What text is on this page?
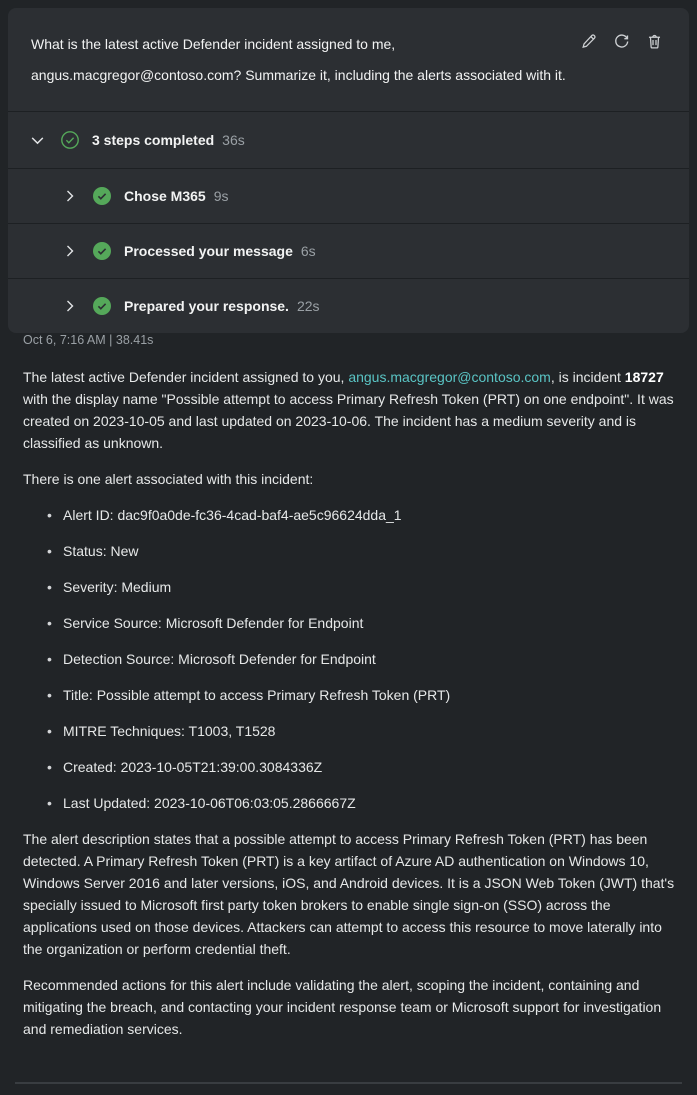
What is the latest active Defender incident assigned to me,
angus.macgregor@contoso.com? Summarize it, including the alerts associated with it.
3 steps completed 36s
Chose M365 9s
Processed your message 6s
Prepared your response. 22s
Oct 6, 7:16 AM | 38.41s

The latest active Defender incident assigned to you, angus.macgregor@contoso.com, is incident 18727 with the display name "Possible attempt to access Primary Refresh Token (PRT) on one endpoint". It was created on 2023-10-05 and last updated on 2023-10-06. The incident has a medium severity and is classified as unknown.

There is one alert associated with this incident:

• Alert ID: dac9f0a0de-fc36-4cad-baf4-ae5c96624dda_1
• Status: New
• Severity: Medium
• Service Source: Microsoft Defender for Endpoint
• Detection Source: Microsoft Defender for Endpoint
• Title: Possible attempt to access Primary Refresh Token (PRT)
• MITRE Techniques: T1003, T1528
• Created: 2023-10-05T21:39:00.3084336Z
• Last Updated: 2023-10-06T06:03:05.2866667Z

The alert description states that a possible attempt to access Primary Refresh Token (PRT) has been detected. A Primary Refresh Token (PRT) is a key artifact of Azure AD authentication on Windows 10, Windows Server 2016 and later versions, iOS, and Android devices. It is a JSON Web Token (JWT) that's specially issued to Microsoft first party token brokers to enable single sign-on (SSO) across the applications used on those devices. Attackers can attempt to access this resource to move laterally into the organization or perform credential theft.

Recommended actions for this alert include validating the alert, scoping the incident, containing and mitigating the breach, and contacting your incident response team or Microsoft support for investigation and remediation services.
